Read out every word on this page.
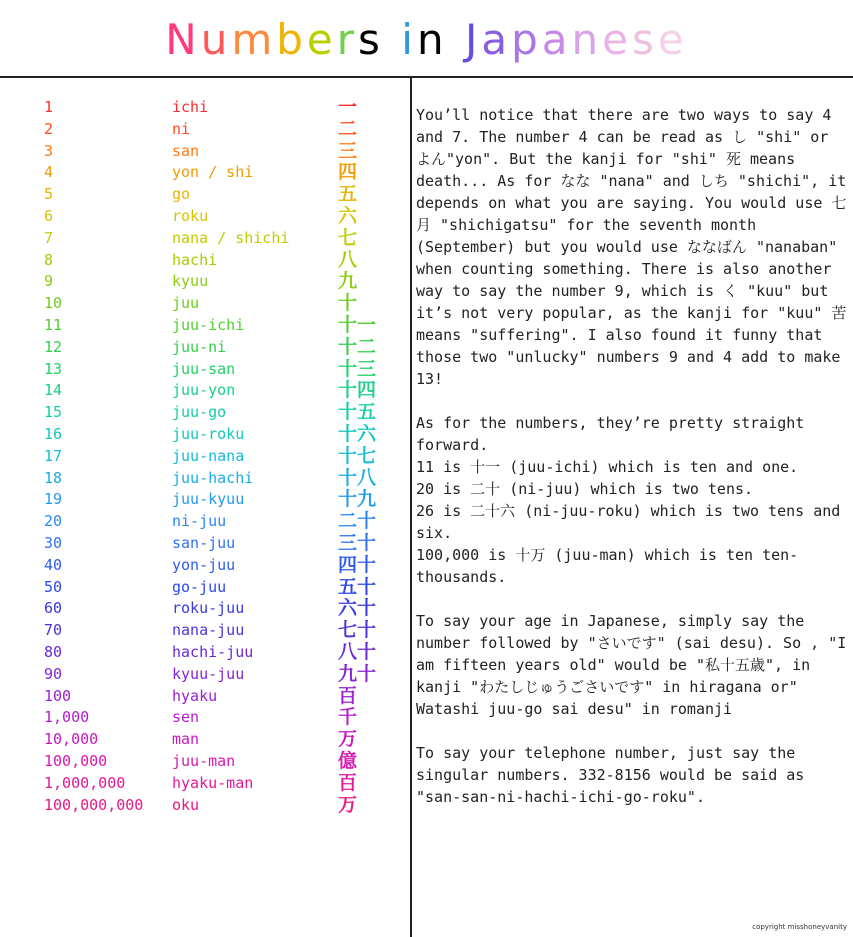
Numbers in Japanese
1	ichi	一
2	ni	二
3	san	三
4	yon / shi	四
5	go	五
6	roku	六
7	nana / shichi	七
8	hachi	八
9	kyuu	九
10	juu	十
11	juu-ichi	十一
12	juu-ni	十二
13	juu-san	十三
14	juu-yon	十四
15	juu-go	十五
16	juu-roku	十六
17	juu-nana	十七
18	juu-hachi	十八
19	juu-kyuu	十九
20	ni-juu	二十
30	san-juu	三十
40	yon-juu	四十
50	go-juu	五十
60	roku-juu	六十
70	nana-juu	七十
80	hachi-juu	八十
90	kyuu-juu	九十
100	hyaku	百
1,000	sen	千
10,000	man	万
100,000	juu-man	億
1,000,000	hyaku-man	百
100,000,000 oku	万

You’ll notice that there are two ways to say 4 and 7. The number 4 can be read as し "shi" or よん"yon". But the kanji for "shi" 死 means death... As for なな "nana" and しち "shichi", it depends on what you are saying. You would use 七月 "shichigatsu" for the seventh month (September) but you would use ななばん "nanaban" when counting something. There is also another way to say the number 9, which is く "kuu" but it’s not very popular, as the kanji for "kuu" 苦 means "suffering". I also found it funny that those two "unlucky" numbers 9 and 4 add to make 13!

As for the numbers, they’re pretty straight forward.
11 is 十一 (juu-ichi) which is ten and one.
20 is 二十 (ni-juu) which is two tens.
26 is 二十六 (ni-juu-roku) which is two tens and six.
100,000 is 十万 (juu-man) which is ten ten-thousands.

To say your age in Japanese, simply say the number followed by "さいです" (sai desu). So , "I am fifteen years old" would be "私十五歳", in kanji "わたしじゅうごさいです" in hiragana or" Watashi juu-go sai desu" in romanji

To say your telephone number, just say the singular numbers. 332-8156 would be said as "san-san-ni-hachi-ichi-go-roku".

copyright misshoneyvanity
